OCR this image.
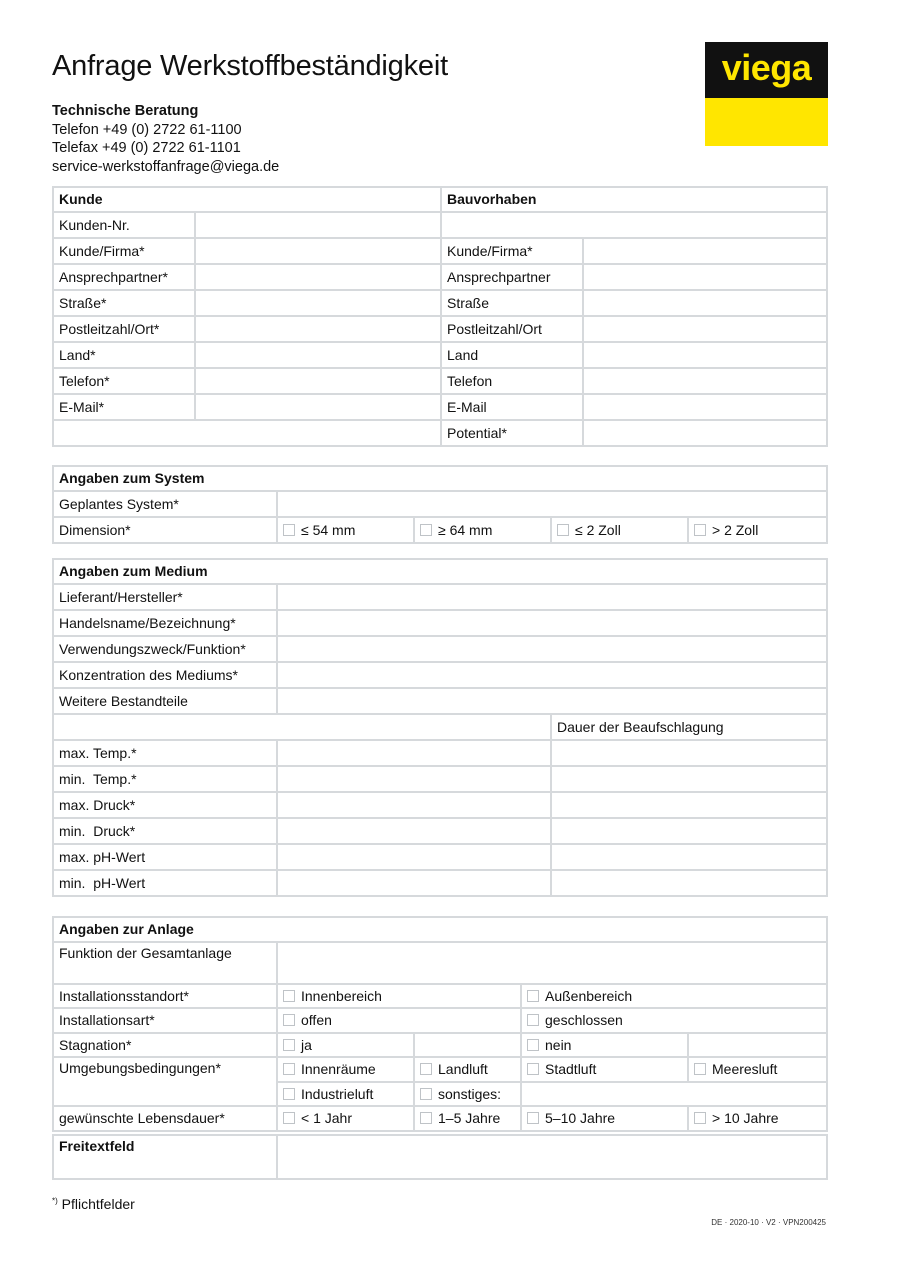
Anfrage Werkstoffbeständigkeit
Technische Beratung
Telefon +49 (0) 2722 61-1100
Telefax +49 (0) 2722 61-1101
service-werkstoffanfrage@viega.de
viega
Kunde		Bauvorhaben	
Kunden-Nr.			
Kunde/Firma*		Kunde/Firma*	
Ansprechpartner*		Ansprechpartner	
Straße*		Straße	
Postleitzahl/Ort*		Postleitzahl/Ort	
Land*		Land	
Telefon*		Telefon	
E-Mail*		E-Mail	
		Potential*	
Angaben zum System				
Geplantes System*				
Dimension*	≤ 54 mm	≥ 64 mm	≤ 2 Zoll	> 2 Zoll
Angaben zum Medium		
Lieferant/Hersteller*		
Handelsname/Bezeichnung*		
Verwendungszweck/Funktion*		
Konzentration des Mediums*		
Weitere Bestandteile		
		Dauer der Beaufschlagung
max. Temp.*		
min.  Temp.*		
max. Druck*		
min.  Druck*		
max. pH-Wert		
min.  pH-Wert		
Angaben zur Anlage				
Funktion der Gesamtanlage				
Installationsstandort*	Innenbereich		Außenbereich	
Installationsart*	offen		geschlossen	
Stagnation*	ja		nein	
Umgebungsbedingungen*	Innenräume	Landluft	Stadtluft	Meeresluft
	Industrieluft	sonstiges:		
gewünschte Lebensdauer*	< 1 Jahr	1–5 Jahre	5–10 Jahre	> 10 Jahre
Freitextfeld	
*) Pflichtfelder
DE · 2020-10 · V2 · VPN200425
